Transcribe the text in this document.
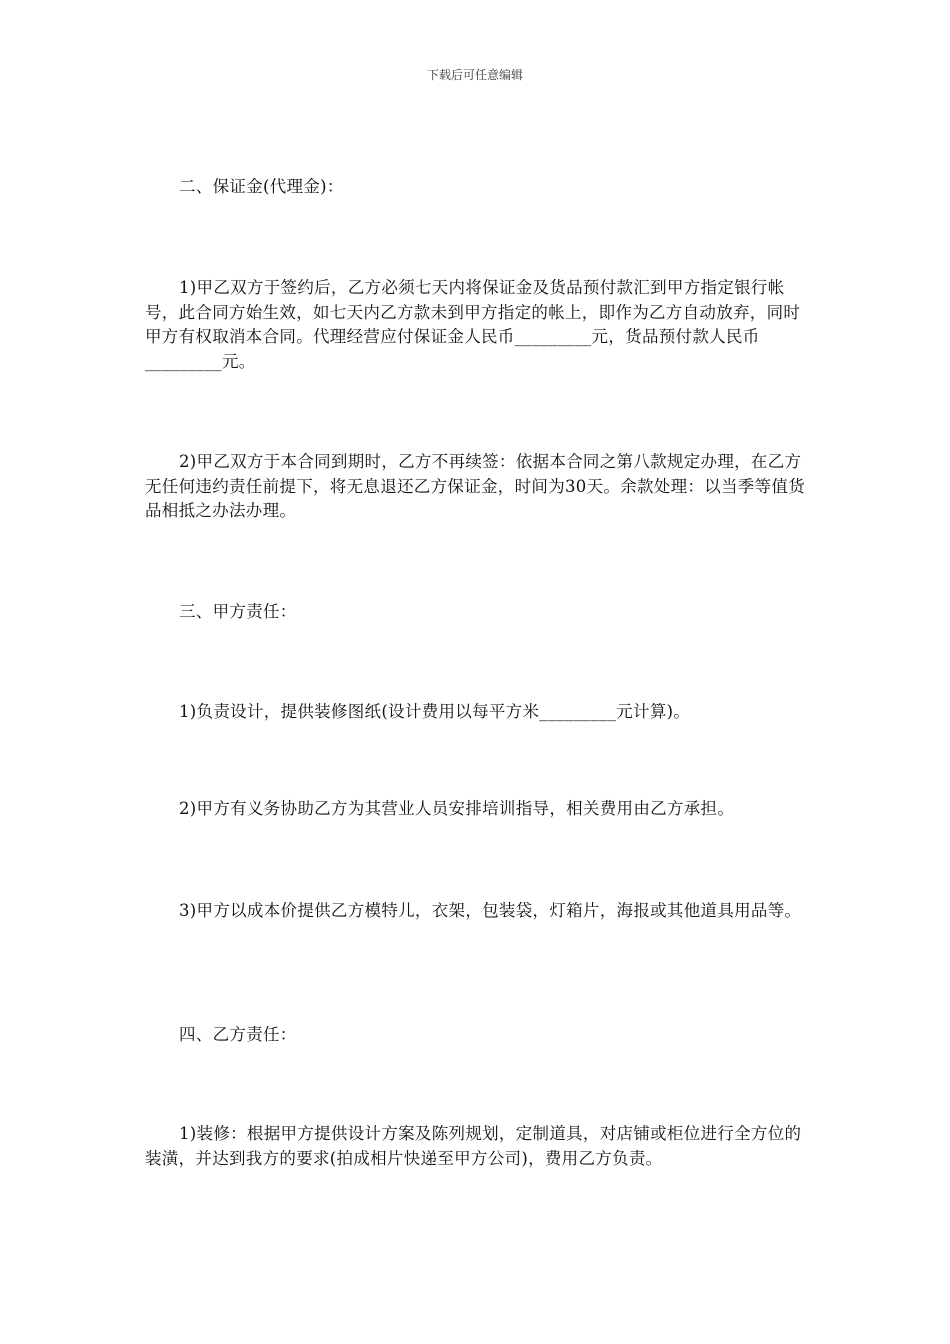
下载后可任意编辑

二、保证金(代理金)：

1)甲乙双方于签约后，乙方必须七天内将保证金及货品预付款汇到甲方指定银行帐号，此合同方始生效，如七天内乙方款未到甲方指定的帐上，即作为乙方自动放弃，同时甲方有权取消本合同。代理经营应付保证金人民币_________元，货品预付款人民币_________元。

2)甲乙双方于本合同到期时，乙方不再续签：依据本合同之第八款规定办理，在乙方无任何违约责任前提下，将无息退还乙方保证金，时间为30天。余款处理：以当季等值货品相抵之办法办理。

三、甲方责任：

1)负责设计，提供装修图纸(设计费用以每平方米_________元计算)。

2)甲方有义务协助乙方为其营业人员安排培训指导，相关费用由乙方承担。

3)甲方以成本价提供乙方模特儿，衣架，包装袋，灯箱片，海报或其他道具用品等。

四、乙方责任：

1)装修：根据甲方提供设计方案及陈列规划，定制道具，对店铺或柜位进行全方位的装潢，并达到我方的要求(拍成相片快递至甲方公司)，费用乙方负责。
